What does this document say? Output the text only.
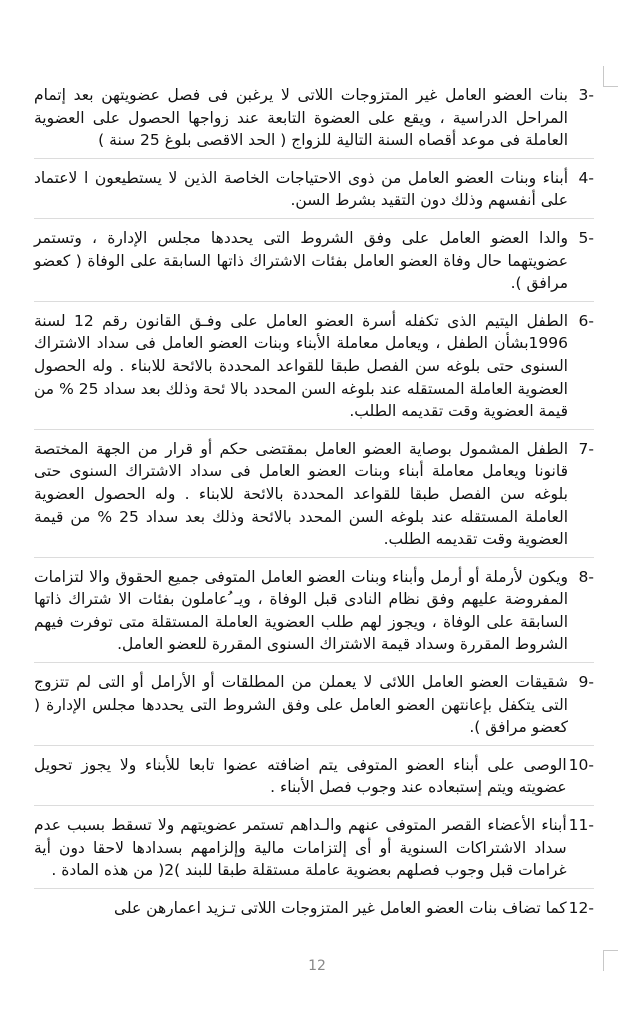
-3
بنات العضو العامل غير المتزوجات اللاتى لا يرغبن فى فصل عضويتهن بعد إتمام المراحل الدراسية ، ويقع على العضوة التابعة عند زواجها الحصول على العضوية العاملة فى موعد أقصاه السنة التالية للزواج ( الحد الاقصى بلوغ 25 سنة )
-4
أبناء وبنات العضو العامل من ذوى الاحتياجات الخاصة الذين لا يستطيعون ا لاعتماد على أنفسهم وذلك دون التقيد بشرط السن.
-5
والدا العضو العامل على وفق الشروط التى يحددها مجلس الإدارة ، وتستمر عضويتهما حال وفاة العضو العامل بفئات الاشتراك ذاتها السابقة على الوفاة ( كعضو مرافق ).
-6
الطفل اليتيم الذى تكفله أسرة العضو العامل على وفـق القانون رقم 12 لسنة 1996بشأن الطفل ، ويعامل معاملة الأبناء وبنات العضو العامل فى سداد الاشتراك السنوى حتى بلوغه سن الفصل طبقا للقواعد المحددة بالائحة للابناء . وله الحصول العضوية العاملة المستقله عند بلوغه السن المحدد بالا ئحة وذلك بعد سداد 25 % من قيمة العضوية وقت تقديمه الطلب.
-7
الطفل المشمول بوصاية العضو العامل بمقتضى حكم أو قرار من الجهة المختصة قانونا ويعامل معاملة أبناء وبنات العضو العامل فى سداد الاشتراك السنوى حتى بلوغه سن الفصل طبقا للقواعد المحددة بالائحة للابناء . وله الحصول العضوية العاملة المستقله عند بلوغه السن المحدد بالائحة وذلك بعد سداد 25 % من قيمة العضوية وقت تقديمه الطلب.
-8
ويكون لأرملة أو أرمل وأبناء وبنات العضو العامل المتوفى جميع الحقوق والا لتزامات المفروضة عليهم وفق نظام النادى قبل الوفاة ، ويـ ُعاملون بفئات الا شتراك ذاتها السابقة على الوفاة ، ويجوز لهم طلب العضوية العاملة المستقلة متى توفرت فيهم الشروط المقررة وسداد قيمة الاشتراك السنوى المقررة للعضو العامل.
-9
شقيقات العضو العامل اللائى لا يعملن من المطلقات أو الأرامل أو التى لم تتزوج التى يتكفل بإعانتهن العضو العامل على وفق الشروط التى يحددها مجلس الإدارة ( كعضو مرافق ).
-10
الوصى على أبناء العضو المتوفى يتم اضافته عضوا تابعا للأبناء ولا يجوز تحويل عضويته ويتم إستبعاده عند وجوب فصل الأبناء .
-11
أبناء الأعضاء القصر المتوفى عنهم والـداه‍م تستمر عضويتهم ولا تسقط بسبب عدم سداد الاشتراكات السنوية أو أى إلتزامات مالية وإلزامهم بسدادها لاحقا دون أية غرامات قبل وجوب فصلهم بعضوية عاملة مستقلة طبقا للبند )2( من هذه المادة .
-12
كما تضاف بنات العضو العامل غير المتزوجات اللاتى تـزيد اعمارهن على
12
